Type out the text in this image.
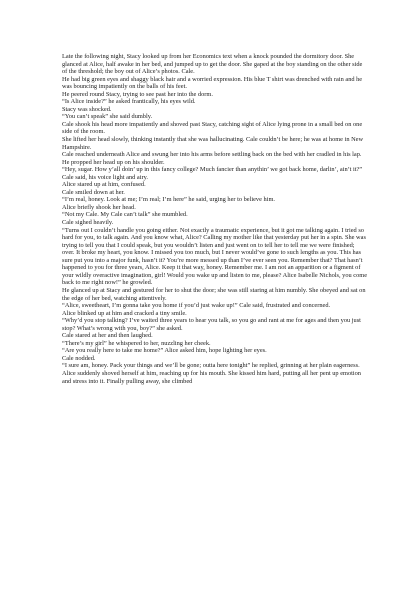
Late the following night, Stacy looked up from her Economics text when a knock pounded the dormitory door. She glanced at Alice, half awake in her bed, and jumped up to get the door. She gaped at the boy standing on the other side of the threshold; the boy out of Alice’s photos. Cale.

He had big green eyes and shaggy black hair and a worried expression. His blue T shirt was drenched with rain and he was bouncing impatiently on the balls of his feet.

He peered round Stacy, trying to see past her into the dorm.

“Is Alice inside?” he asked frantically, his eyes wild.

Stacy was shocked.

“You can’t speak” she said dumbly.

Cale shook his head more impatiently and shoved past Stacy, catching sight of Alice lying prone in a small bed on one side of the room.

She lifted her head slowly, thinking instantly that she was hallucinating. Cale couldn’t be here; he was at home in New Hampshire.

Cale reached underneath Alice and swung her into his arms before settling back on the bed with her cradled in his lap. He propped her head up on his shoulder.

“Hey, sugar. How y’all doin’ up in this fancy college? Much fancier than anythin’ we got back home, darlin’, ain’t it?” Cale said, his voice light and airy.

Alice stared up at him, confused.

Cale smiled down at her.

“I’m real, honey. Look at me; I’m real; I’m here” he said, urging her to believe him.

Alice briefly shook her head.

“Not my Cale. My Cale can’t talk” she mumbled.

Cale sighed heavily.

“Turns out I couldn’t handle you going either. Not exactly a traumatic experience, but it got me talking again. I tried so hard for you, to talk again. And you know what, Alice? Calling my mother like that yesterday put her in a spin. She was trying to tell you that I could speak, but you wouldn’t listen and just went on to tell her to tell me we were finished; over. It broke my heart, you know. I missed you too much, but I never would’ve gone to such lengths as you. This has sure put you into a major funk, hasn’t it? You’re more messed up than I’ve ever seen you. Remember that? That hasn’t happened to you for three years, Alice. Keep it that way, honey. Remember me. I am not an apparition or a figment of your wildly overactive imagination, girl! Would you wake up and listen to me, please? Alice Isabelle Nichols, you come back to me right now!” he growled.

He glanced up at Stacy and gestured for her to shut the door; she was still staring at him numbly. She obeyed and sat on the edge of her bed, watching attentively.

“Alice, sweetheart, I’m gonna take you home if you’d just wake up!” Cale said, frustrated and concerned.

Alice blinked up at him and cracked a tiny smile.

“Why’d you stop talking? I’ve waited three years to hear you talk, so you go and rant at me for ages and then you just stop? What’s wrong with you, boy?” she asked.

Cale stared at her and then laughed.

“There’s my girl” he whispered to her, nuzzling her cheek.

“Are you really here to take me home?” Alice asked him, hope lighting her eyes.

Cale nodded.

“I sure am, honey. Pack your things and we’ll be gone; outta here tonight” he replied, grinning at her plain eagerness.

Alice suddenly shoved herself at him, reaching up for his mouth. She kissed him hard, putting all her pent up emotion and stress into it. Finally pulling away, she climbed
